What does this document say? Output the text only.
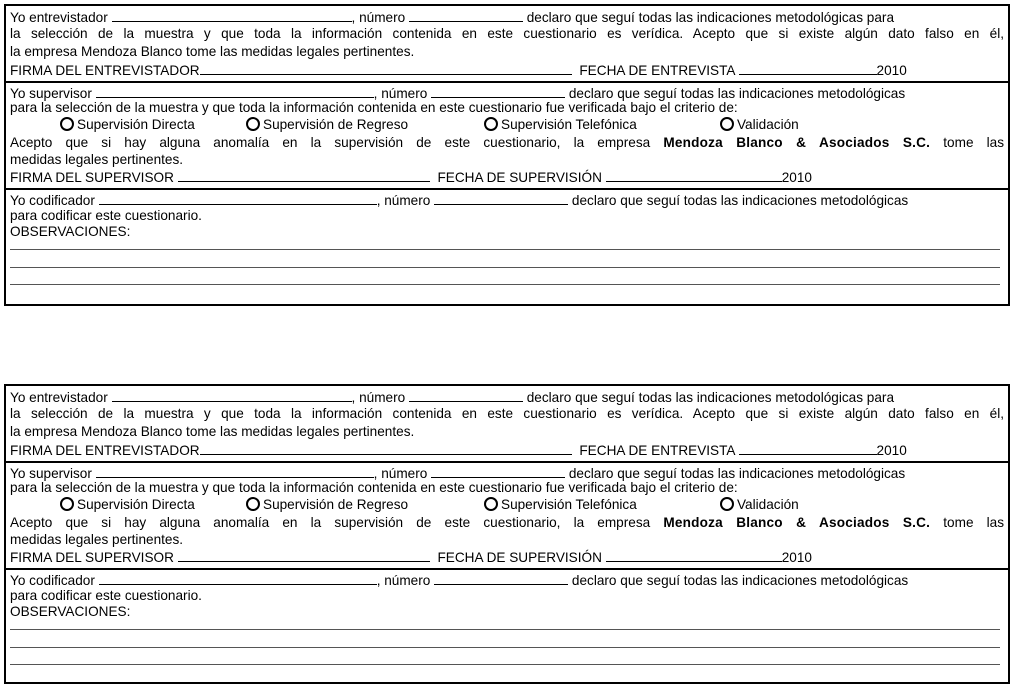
Yo entrevistador	, número	declaro que seguí todas las indicaciones metodológicas para
la selección de la muestra y que toda la información contenida en este cuestionario es verídica. Acepto que si existe algún dato falso en él,
la empresa Mendoza Blanco tome las medidas legales pertinentes.
FIRMA DEL ENTREVISTADOR	FECHA DE ENTREVISTA	2010
Yo supervisor	, número	declaro que seguí todas las indicaciones metodológicas
para la selección de la muestra y que toda la información contenida en este cuestionario fue verificada bajo el criterio de:
Supervisión Directa	Supervisión de Regreso	Supervisión Telefónica	Validación
Acepto que si hay alguna anomalía en la supervisión de este cuestionario, la empresa Mendoza Blanco & Asociados S.C. tome las
medidas legales pertinentes.
FIRMA DEL SUPERVISOR	FECHA DE SUPERVISIÓN	2010
Yo codificador	, número	declaro que seguí todas las indicaciones metodológicas
para codificar este cuestionario.
OBSERVACIONES:
Yo entrevistador	, número	declaro que seguí todas las indicaciones metodológicas para
la selección de la muestra y que toda la información contenida en este cuestionario es verídica. Acepto que si existe algún dato falso en él,
la empresa Mendoza Blanco tome las medidas legales pertinentes.
FIRMA DEL ENTREVISTADOR	FECHA DE ENTREVISTA	2010
Yo supervisor	, número	declaro que seguí todas las indicaciones metodológicas
para la selección de la muestra y que toda la información contenida en este cuestionario fue verificada bajo el criterio de:
Supervisión Directa	Supervisión de Regreso	Supervisión Telefónica	Validación
Acepto que si hay alguna anomalía en la supervisión de este cuestionario, la empresa Mendoza Blanco & Asociados S.C. tome las
medidas legales pertinentes.
FIRMA DEL SUPERVISOR	FECHA DE SUPERVISIÓN	2010
Yo codificador	, número	declaro que seguí todas las indicaciones metodológicas
para codificar este cuestionario.
OBSERVACIONES:
